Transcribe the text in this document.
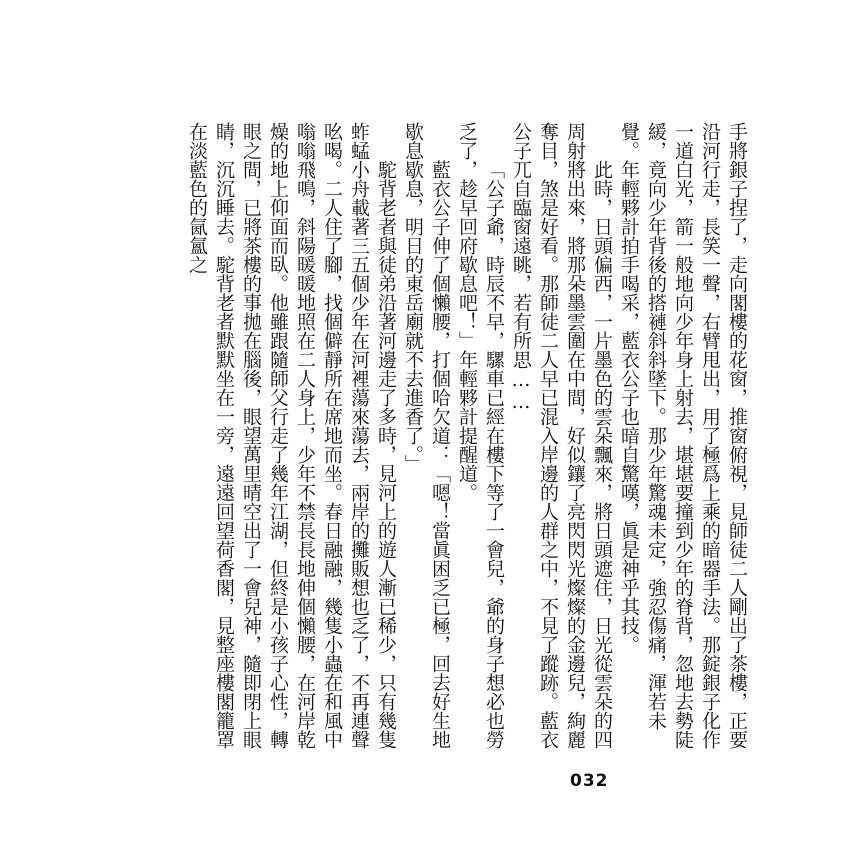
手將銀子捏了，走向閣樓的花窗，推窗俯視，見師徒二人剛出了茶樓，正要沿河行走，長笑一聲，右臂甩出，用了極爲上乘的暗器手法。那錠銀子化作一道白光，箭一般地向少年身上射去，堪堪要撞到少年的脊背，忽地去勢陡緩，竟向少年背後的搭褳斜斜墜下。那少年驚魂未定，強忍傷痛，渾若未覺。年輕夥計拍手喝采，藍衣公子也暗自驚嘆，眞是神乎其技。

此時，日頭偏西，一片墨色的雲朵飄來，將日頭遮住，日光從雲朵的四周射將出來，將那朵墨雲圍在中間，好似鑲了亮閃閃光燦燦的金邊兒，絢麗奪目，煞是好看。那師徒二人早已混入岸邊的人群之中，不見了蹤跡。藍衣公子兀自臨窗遠眺，若有所思……

「公子爺，時辰不早，騾車已經在樓下等了一會兒，爺的身子想必也勞乏了，趁早回府歇息吧！」年輕夥計提醒道。

藍衣公子伸了個懶腰，打個哈欠道：「嗯！當眞困乏已極，回去好生地歇息歇息，明日的東岳廟就不去進香了。」

駝背老者與徒弟沿著河邊走了多時，見河上的遊人漸已稀少，只有幾隻蚱蜢小舟載著三五個少年在河裡蕩來蕩去，兩岸的攤販想也乏了，不再連聲吆喝。二人住了腳，找個僻靜所在席地而坐。春日融融，幾隻小蟲在和風中嗡嗡飛鳴，斜陽暖暖地照在二人身上，少年不禁長長地伸個懶腰，在河岸乾燥的地上仰面而臥。他雖跟隨師父行走了幾年江湖，但終是小孩子心性，轉眼之間，已將茶樓的事拋在腦後，眼望萬里晴空出了一會兒神，隨即閉上眼睛，沉沉睡去。駝背老者默默坐在一旁，遠遠回望荷香閣，見整座樓閣籠罩在淡藍色的氤氳之

032
